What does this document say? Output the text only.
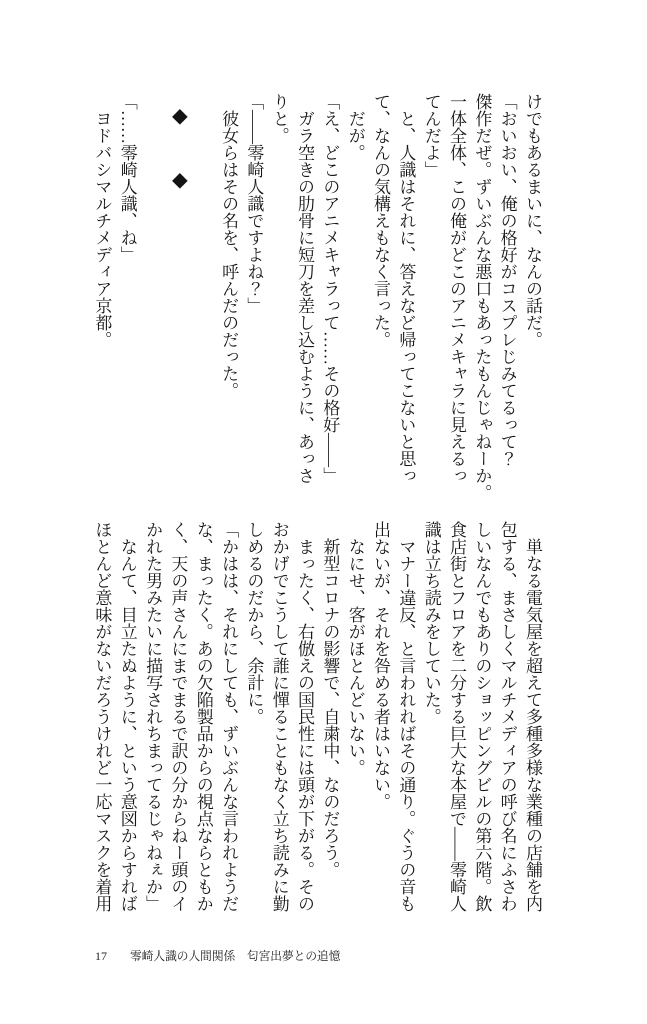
けでもあるまいに、なんの話だ。
「おいおい、俺の格好がコスプレじみてるって？
傑作だぜ。ずいぶんな悪口もあったもんじゃねーか。
一体全体、この俺がどこのアニメキャラに見えるっ
てんだよ」
　と、人識はそれに、答えなど帰ってこないと思っ
て、なんの気構えもなく言った。
　だが。
「え、どこのアニメキャラって……その格好――」
　ガラ空きの肋骨に短刀を差し込むように、あっさ
りと。
「――零崎人識ですよね？」
　彼女らはその名を、呼んだのだった。
　◆　　　◆
「……零崎人識、ね」
　ヨドバシマルチメディア京都。
　単なる電気屋を超えて多種多様な業種の店舗を内
包する、まさしくマルチメディアの呼び名にふさわ
しいなんでもありのショッピングビルの第六階。飲
食店街とフロアを二分する巨大な本屋で――零崎人
識は立ち読みをしていた。
　マナー違反、と言われればその通り。ぐうの音も
出ないが、それを咎める者はいない。
　なにせ、客がほとんどいない。
　新型コロナの影響で、自粛中、なのだろう。
　まったく、右倣えの国民性には頭が下がる。その
おかげでこうして誰に憚ることもなく立ち読みに勤
しめるのだから、余計に。
「かはは、それにしても、ずいぶんな言われようだ
な、まったく。あの欠陥製品からの視点ならともか
く、天の声さんにまでまるで訳の分からねー頭のイ
かれた男みたいに描写されちまってるじゃねぇか」
　なんて、目立たぬように、という意図からすれば
ほとんど意味がないだろうけれど一応マスクを着用
17 零崎人識の人間関係　匂宮出夢との追憶
